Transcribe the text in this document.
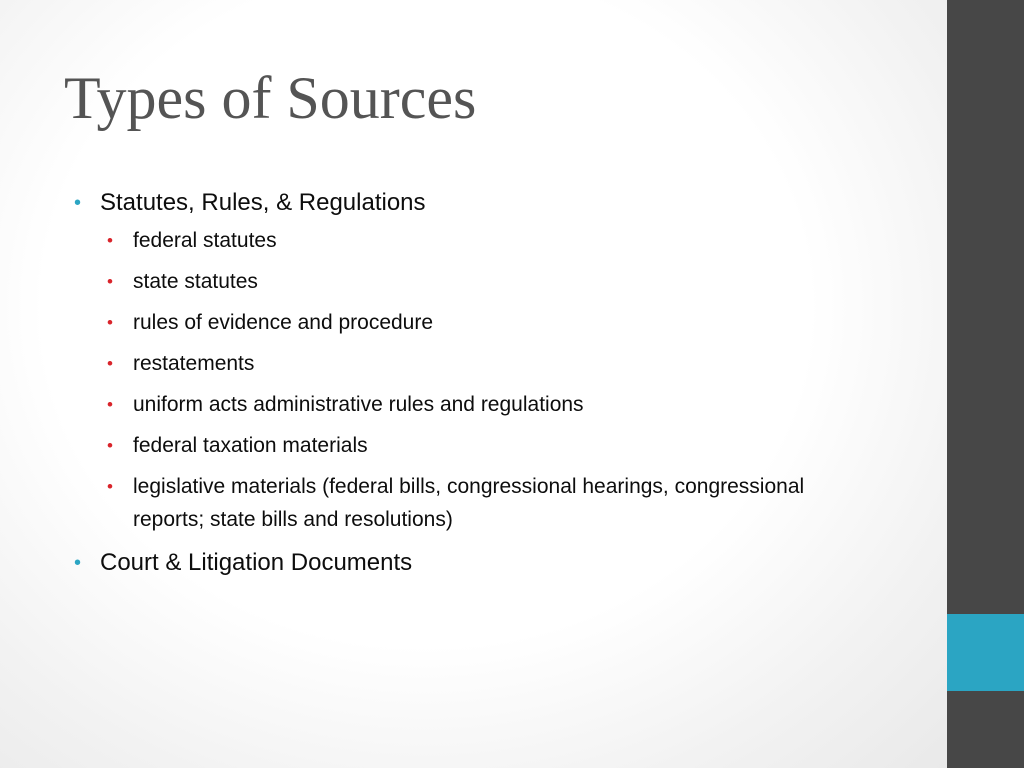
Types of Sources
• Statutes, Rules, & Regulations
• federal statutes
• state statutes
• rules of evidence and procedure
• restatements
• uniform acts administrative rules and regulations
• federal taxation materials
• legislative materials (federal bills, congressional hearings, congressional reports; state bills and resolutions)
• Court & Litigation Documents
